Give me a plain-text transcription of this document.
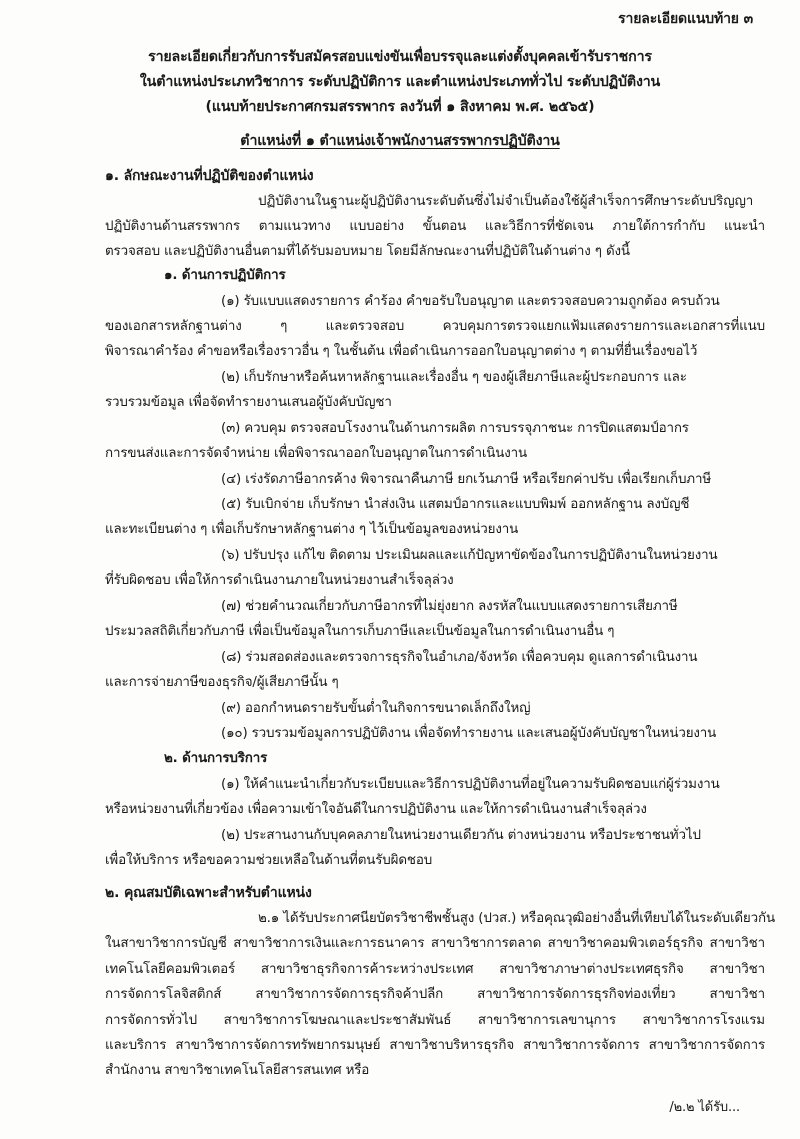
รายละเอียดแนบท้าย ๓
รายละเอียดเกี่ยวกับการรับสมัครสอบแข่งขันเพื่อบรรจุและแต่งตั้งบุคคลเข้ารับราชการ
ในตำแหน่งประเภทวิชาการ ระดับปฏิบัติการ และตำแหน่งประเภททั่วไป ระดับปฏิบัติงาน
(แนบท้ายประกาศกรมสรรพากร ลงวันที่ ๑ สิงหาคม พ.ศ. ๒๕๖๕)
ตำแหน่งที่ ๑ ตำแหน่งเจ้าพนักงานสรรพากรปฏิบัติงาน
๑. ลักษณะงานที่ปฏิบัติของตำแหน่ง
ปฏิบัติงานในฐานะผู้ปฏิบัติงานระดับต้นซึ่งไม่จำเป็นต้องใช้ผู้สำเร็จการศึกษาระดับปริญญา
ปฏิบัติงานด้านสรรพากร ตามแนวทาง แบบอย่าง ขั้นตอน และวิธีการที่ชัดเจน ภายใต้การกำกับ แนะนำ
ตรวจสอบ และปฏิบัติงานอื่นตามที่ได้รับมอบหมาย โดยมีลักษณะงานที่ปฏิบัติในด้านต่าง ๆ ดังนี้
๑. ด้านการปฏิบัติการ
(๑) รับแบบแสดงรายการ คำร้อง คำขอรับใบอนุญาต และตรวจสอบความถูกต้อง ครบถ้วน
ของเอกสารหลักฐานต่าง ๆ และตรวจสอบ ควบคุมการตรวจแยกแฟ้มแสดงรายการและเอกสารที่แนบ
พิจารณาคำร้อง คำขอหรือเรื่องราวอื่น ๆ ในชั้นต้น เพื่อดำเนินการออกใบอนุญาตต่าง ๆ ตามที่ยื่นเรื่องขอไว้
(๒) เก็บรักษาหรือค้นหาหลักฐานและเรื่องอื่น ๆ ของผู้เสียภาษีและผู้ประกอบการ และ
รวบรวมข้อมูล เพื่อจัดทำรายงานเสนอผู้บังคับบัญชา
(๓) ควบคุม ตรวจสอบโรงงานในด้านการผลิต การบรรจุภาชนะ การปิดแสตมป์อากร
การขนส่งและการจัดจำหน่าย เพื่อพิจารณาออกใบอนุญาตในการดำเนินงาน
(๔) เร่งรัดภาษีอากรค้าง พิจารณาคืนภาษี ยกเว้นภาษี หรือเรียกค่าปรับ เพื่อเรียกเก็บภาษี
(๕) รับเบิกจ่าย เก็บรักษา นำส่งเงิน แสตมป์อากรและแบบพิมพ์ ออกหลักฐาน ลงบัญชี
และทะเบียนต่าง ๆ เพื่อเก็บรักษาหลักฐานต่าง ๆ ไว้เป็นข้อมูลของหน่วยงาน
(๖) ปรับปรุง แก้ไข ติดตาม ประเมินผลและแก้ปัญหาขัดข้องในการปฏิบัติงานในหน่วยงาน
ที่รับผิดชอบ เพื่อให้การดำเนินงานภายในหน่วยงานสำเร็จลุล่วง
(๗) ช่วยคำนวณเกี่ยวกับภาษีอากรที่ไม่ยุ่งยาก ลงรหัสในแบบแสดงรายการเสียภาษี
ประมวลสถิติเกี่ยวกับภาษี เพื่อเป็นข้อมูลในการเก็บภาษีและเป็นข้อมูลในการดำเนินงานอื่น ๆ
(๘) ร่วมสอดส่องและตรวจการธุรกิจในอำเภอ/จังหวัด เพื่อควบคุม ดูแลการดำเนินงาน
และการจ่ายภาษีของธุรกิจ/ผู้เสียภาษีนั้น ๆ
(๙) ออกกำหนดรายรับขั้นต่ำในกิจการขนาดเล็กถึงใหญ่
(๑๐) รวบรวมข้อมูลการปฏิบัติงาน เพื่อจัดทำรายงาน และเสนอผู้บังคับบัญชาในหน่วยงาน
๒. ด้านการบริการ
(๑) ให้คำแนะนำเกี่ยวกับระเบียบและวิธีการปฏิบัติงานที่อยู่ในความรับผิดชอบแก่ผู้ร่วมงาน
หรือหน่วยงานที่เกี่ยวข้อง เพื่อความเข้าใจอันดีในการปฏิบัติงาน และให้การดำเนินงานสำเร็จลุล่วง
(๒) ประสานงานกับบุคคลภายในหน่วยงานเดียวกัน ต่างหน่วยงาน หรือประชาชนทั่วไป
เพื่อให้บริการ หรือขอความช่วยเหลือในด้านที่ตนรับผิดชอบ
๒. คุณสมบัติเฉพาะสำหรับตำแหน่ง
๒.๑ ได้รับประกาศนียบัตรวิชาชีพชั้นสูง (ปวส.) หรือคุณวุฒิอย่างอื่นที่เทียบได้ในระดับเดียวกัน
ในสาขาวิชาการบัญชี สาขาวิชาการเงินและการธนาคาร สาขาวิชาการตลาด สาขาวิชาคอมพิวเตอร์ธุรกิจ สาขาวิชา
เทคโนโลยีคอมพิวเตอร์ สาขาวิชาธุรกิจการค้าระหว่างประเทศ สาขาวิชาภาษาต่างประเทศธุรกิจ สาขาวิชา
การจัดการโลจิสติกส์ สาขาวิชาการจัดการธุรกิจค้าปลีก สาขาวิชาการจัดการธุรกิจท่องเที่ยว สาขาวิชา
การจัดการทั่วไป สาขาวิชาการโฆษณาและประชาสัมพันธ์ สาขาวิชาการเลขานุการ สาขาวิชาการโรงแรม
และบริการ สาขาวิชาการจัดการทรัพยากรมนุษย์ สาขาวิชาบริหารธุรกิจ สาขาวิชาการจัดการ สาขาวิชาการจัดการ
สำนักงาน สาขาวิชาเทคโนโลยีสารสนเทศ หรือ
/๒.๒ ได้รับ...
